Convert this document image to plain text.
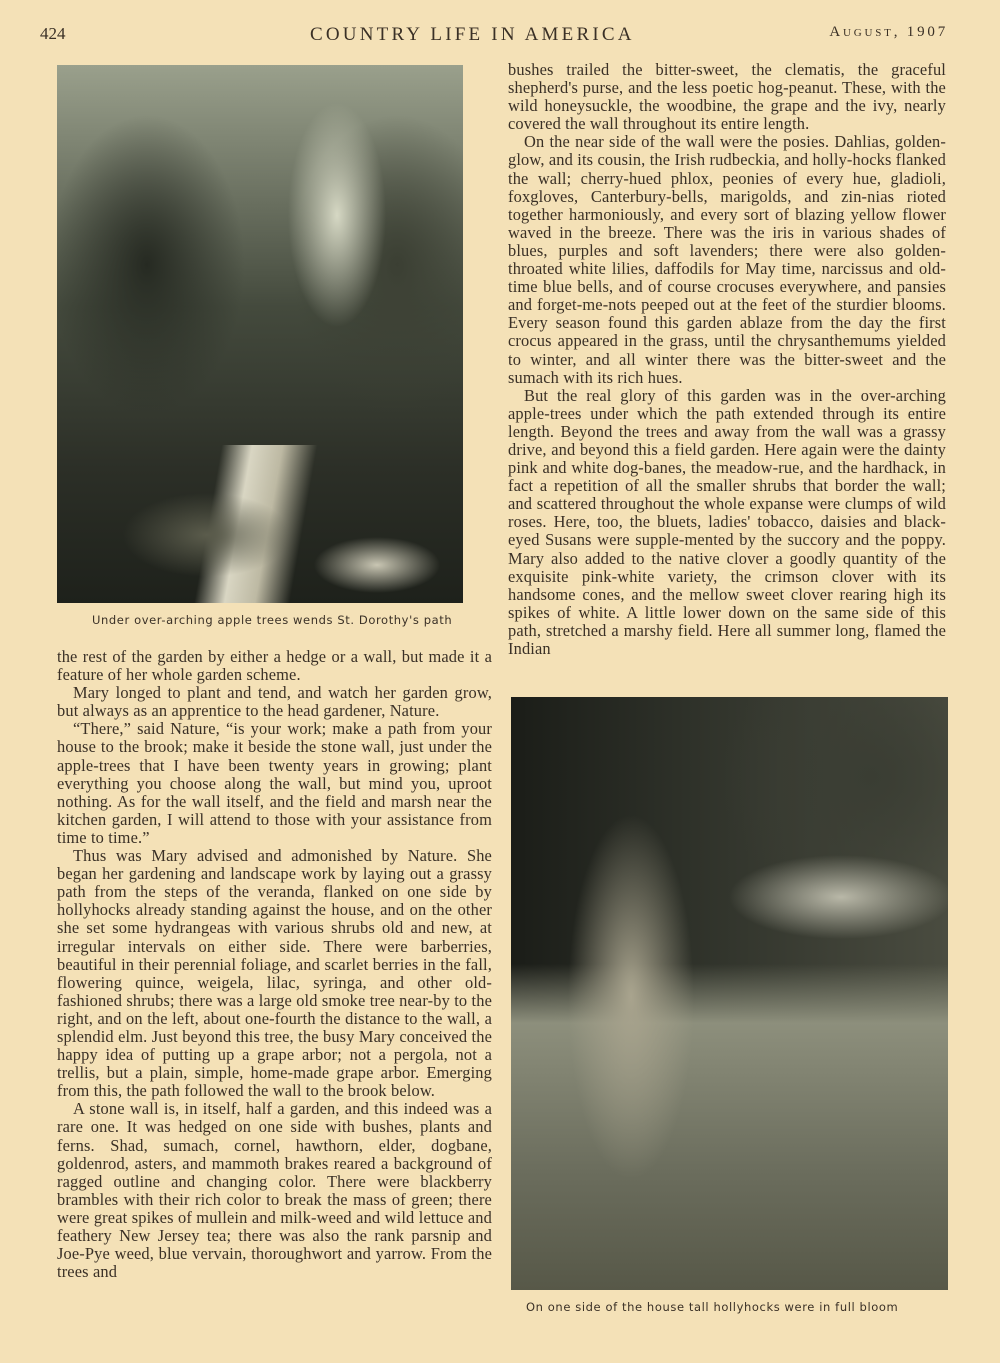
424	COUNTRY LIFE IN AMERICA	August, 1907
Under over-arching apple trees wends St. Dorothy's path
On one side of the house tall hollyhocks were in full bloom

the rest of the garden by either a hedge or a wall, but made it a feature of her whole garden scheme.

Mary longed to plant and tend, and watch her garden grow, but always as an apprentice to the head gardener, Nature.

“There,” said Nature, “is your work; make a path from your house to the brook; make it beside the stone wall, just under the apple-trees that I have been twenty years in growing; plant everything you choose along the wall, but mind you, uproot nothing. As for the wall itself, and the field and marsh near the kitchen garden, I will attend to those with your assistance from time to time.”

Thus was Mary advised and admonished by Nature. She began her gardening and landscape work by laying out a grassy path from the steps of the veranda, flanked on one side by hollyhocks already standing against the house, and on the other she set some hydrangeas with various shrubs old and new, at irregular intervals on either side. There were barberries, beautiful in their perennial foliage, and scarlet berries in the fall, flowering quince, weigela, lilac, syringa, and other old-fashioned shrubs; there was a large old smoke tree near-by to the right, and on the left, about one-fourth the distance to the wall, a splendid elm. Just beyond this tree, the busy Mary conceived the happy idea of putting up a grape arbor; not a pergola, not a trellis, but a plain, simple, home-made grape arbor. Emerging from this, the path followed the wall to the brook below.

A stone wall is, in itself, half a garden, and this indeed was a rare one. It was hedged on one side with bushes, plants and ferns. Shad, sumach, cornel, hawthorn, elder, dogbane, goldenrod, asters, and mammoth brakes reared a background of ragged outline and changing color. There were blackberry brambles with their rich color to break the mass of green; there were great spikes of mullein and milk-weed and wild lettuce and feathery New Jersey tea; there was also the rank parsnip and Joe-Pye weed, blue vervain, thoroughwort and yarrow. From the trees and

bushes trailed the bitter-sweet, the clematis, the graceful shepherd's purse, and the less poetic hog-peanut. These, with the wild honeysuckle, the woodbine, the grape and the ivy, nearly covered the wall throughout its entire length.

On the near side of the wall were the posies. Dahlias, golden-glow, and its cousin, the Irish rudbeckia, and holly-hocks flanked the wall; cherry-hued phlox, peonies of every hue, gladioli, foxgloves, Canterbury-bells, marigolds, and zin-nias rioted together harmoniously, and every sort of blazing yellow flower waved in the breeze. There was the iris in various shades of blues, purples and soft lavenders; there were also golden-throated white lilies, daffodils for May time, narcissus and old-time blue bells, and of course crocuses everywhere, and pansies and forget-me-nots peeped out at the feet of the sturdier blooms. Every season found this garden ablaze from the day the first crocus appeared in the grass, until the chrysanthemums yielded to winter, and all winter there was the bitter-sweet and the sumach with its rich hues.

But the real glory of this garden was in the over-arching apple-trees under which the path extended through its entire length. Beyond the trees and away from the wall was a grassy drive, and beyond this a field garden. Here again were the dainty pink and white dog-banes, the meadow-rue, and the hardhack, in fact a repetition of all the smaller shrubs that border the wall; and scattered throughout the whole expanse were clumps of wild roses. Here, too, the bluets, ladies' tobacco, daisies and black-eyed Susans were supple-mented by the succory and the poppy. Mary also added to the native clover a goodly quantity of the exquisite pink-white variety, the crimson clover with its handsome cones, and the mellow sweet clover rearing high its spikes of white. A little lower down on the same side of this path, stretched a marshy field. Here all summer long, flamed the Indian
